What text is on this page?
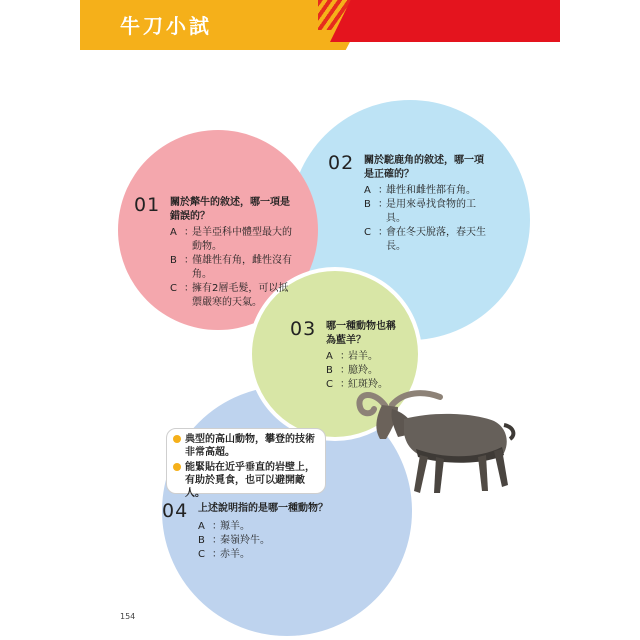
牛刀小試
01 關於犛牛的敘述，哪一項是錯誤的？
A ：
是羊亞科中體型最大的動物。
B ：
僅雄性有角，雌性沒有角。
C ：
擁有2層毛髮，可以抵禦嚴寒的天氣。
02 關於駝鹿角的敘述，哪一項是正確的？
A ：
雄性和雌性都有角。
B ：
是用來尋找食物的工具。
C ：
會在冬天脫落，春天生長。
03 哪一種動物也稱為藍羊？
A ：
岩羊。
B ：
臆羚。
C ：
紅斑羚。
典型的高山動物，攀登的技術非常高超。
能緊貼在近乎垂直的岩壁上，有助於覓食，也可以避開敵人。
04 上述說明指的是哪一種動物？
A ：
羱羊。
B ：
秦嶺羚牛。
C ：
赤羊。
154
